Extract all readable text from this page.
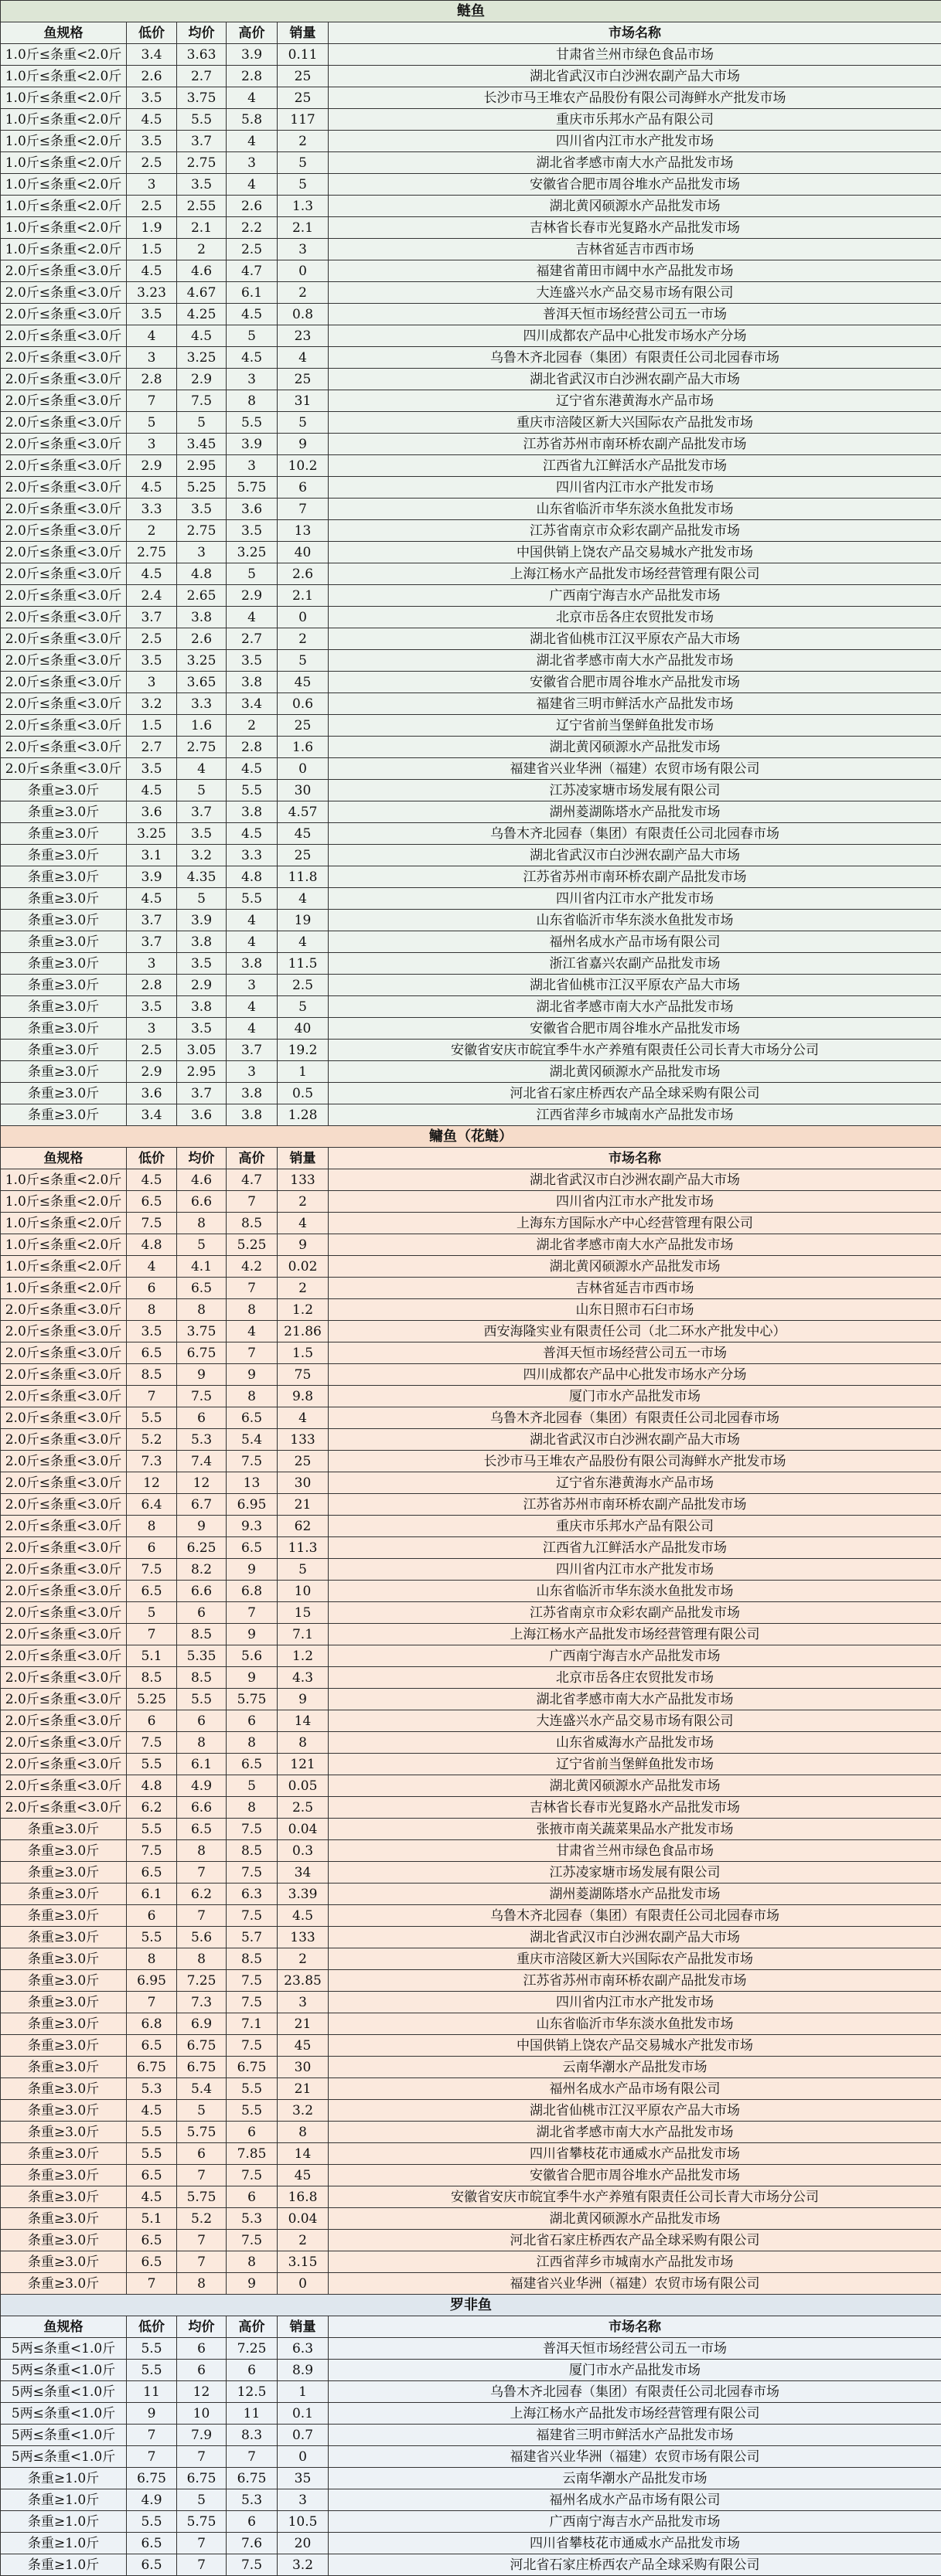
鲢鱼					
鱼规格	低价	均价	高价	销量	市场名称
1.0斤≤条重<2.0斤	3.4	3.63	3.9	0.11	甘肃省兰州市绿色食品市场
1.0斤≤条重<2.0斤	2.6	2.7	2.8	25	湖北省武汉市白沙洲农副产品大市场
1.0斤≤条重<2.0斤	3.5	3.75	4	25	长沙市马王堆农产品股份有限公司海鲜水产批发市场
1.0斤≤条重<2.0斤	4.5	5.5	5.8	117	重庆市乐邦水产品有限公司
1.0斤≤条重<2.0斤	3.5	3.7	4	2	四川省内江市水产批发市场
1.0斤≤条重<2.0斤	2.5	2.75	3	5	湖北省孝感市南大水产品批发市场
1.0斤≤条重<2.0斤	3	3.5	4	5	安徽省合肥市周谷堆水产品批发市场
1.0斤≤条重<2.0斤	2.5	2.55	2.6	1.3	湖北黄冈硕源水产品批发市场
1.0斤≤条重<2.0斤	1.9	2.1	2.2	2.1	吉林省长春市光复路水产品批发市场
1.0斤≤条重<2.0斤	1.5	2	2.5	3	吉林省延吉市西市场
2.0斤≤条重<3.0斤	4.5	4.6	4.7	0	福建省莆田市阔中水产品批发市场
2.0斤≤条重<3.0斤	3.23	4.67	6.1	2	大连盛兴水产品交易市场有限公司
2.0斤≤条重<3.0斤	3.5	4.25	4.5	0.8	普洱天恒市场经营公司五一市场
2.0斤≤条重<3.0斤	4	4.5	5	23	四川成都农产品中心批发市场水产分场
2.0斤≤条重<3.0斤	3	3.25	4.5	4	乌鲁木齐北园春（集团）有限责任公司北园春市场
2.0斤≤条重<3.0斤	2.8	2.9	3	25	湖北省武汉市白沙洲农副产品大市场
2.0斤≤条重<3.0斤	7	7.5	8	31	辽宁省东港黄海水产品市场
2.0斤≤条重<3.0斤	5	5	5.5	5	重庆市涪陵区新大兴国际农产品批发市场
2.0斤≤条重<3.0斤	3	3.45	3.9	9	江苏省苏州市南环桥农副产品批发市场
2.0斤≤条重<3.0斤	2.9	2.95	3	10.2	江西省九江鲜活水产品批发市场
2.0斤≤条重<3.0斤	4.5	5.25	5.75	6	四川省内江市水产批发市场
2.0斤≤条重<3.0斤	3.3	3.5	3.6	7	山东省临沂市华东淡水鱼批发市场
2.0斤≤条重<3.0斤	2	2.75	3.5	13	江苏省南京市众彩农副产品批发市场
2.0斤≤条重<3.0斤	2.75	3	3.25	40	中国供销上饶农产品交易城水产批发市场
2.0斤≤条重<3.0斤	4.5	4.8	5	2.6	上海江杨水产品批发市场经营管理有限公司
2.0斤≤条重<3.0斤	2.4	2.65	2.9	2.1	广西南宁海吉水产品批发市场
2.0斤≤条重<3.0斤	3.7	3.8	4	0	北京市岳各庄农贸批发市场
2.0斤≤条重<3.0斤	2.5	2.6	2.7	2	湖北省仙桃市江汉平原农产品大市场
2.0斤≤条重<3.0斤	3.5	3.25	3.5	5	湖北省孝感市南大水产品批发市场
2.0斤≤条重<3.0斤	3	3.65	3.8	45	安徽省合肥市周谷堆水产品批发市场
2.0斤≤条重<3.0斤	3.2	3.3	3.4	0.6	福建省三明市鲜活水产品批发市场
2.0斤≤条重<3.0斤	1.5	1.6	2	25	辽宁省前当堡鲜鱼批发市场
2.0斤≤条重<3.0斤	2.7	2.75	2.8	1.6	湖北黄冈硕源水产品批发市场
2.0斤≤条重<3.0斤	3.5	4	4.5	0	福建省兴业华洲（福建）农贸市场有限公司
条重≥3.0斤	4.5	5	5.5	30	江苏凌家塘市场发展有限公司
条重≥3.0斤	3.6	3.7	3.8	4.57	湖州菱湖陈塔水产品批发市场
条重≥3.0斤	3.25	3.5	4.5	45	乌鲁木齐北园春（集团）有限责任公司北园春市场
条重≥3.0斤	3.1	3.2	3.3	25	湖北省武汉市白沙洲农副产品大市场
条重≥3.0斤	3.9	4.35	4.8	11.8	江苏省苏州市南环桥农副产品批发市场
条重≥3.0斤	4.5	5	5.5	4	四川省内江市水产批发市场
条重≥3.0斤	3.7	3.9	4	19	山东省临沂市华东淡水鱼批发市场
条重≥3.0斤	3.7	3.8	4	4	福州名成水产品市场有限公司
条重≥3.0斤	3	3.5	3.8	11.5	浙江省嘉兴农副产品批发市场
条重≥3.0斤	2.8	2.9	3	2.5	湖北省仙桃市江汉平原农产品大市场
条重≥3.0斤	3.5	3.8	4	5	湖北省孝感市南大水产品批发市场
条重≥3.0斤	3	3.5	4	40	安徽省合肥市周谷堆水产品批发市场
条重≥3.0斤	2.5	3.05	3.7	19.2	安徽省安庆市皖宜季牛水产养殖有限责任公司长青大市场分公司
条重≥3.0斤	2.9	2.95	3	1	湖北黄冈硕源水产品批发市场
条重≥3.0斤	3.6	3.7	3.8	0.5	河北省石家庄桥西农产品全球采购有限公司
条重≥3.0斤	3.4	3.6	3.8	1.28	江西省萍乡市城南水产品批发市场
鳙鱼（花鲢）					
鱼规格	低价	均价	高价	销量	市场名称
1.0斤≤条重<2.0斤	4.5	4.6	4.7	133	湖北省武汉市白沙洲农副产品大市场
1.0斤≤条重<2.0斤	6.5	6.6	7	2	四川省内江市水产批发市场
1.0斤≤条重<2.0斤	7.5	8	8.5	4	上海东方国际水产中心经营管理有限公司
1.0斤≤条重<2.0斤	4.8	5	5.25	9	湖北省孝感市南大水产品批发市场
1.0斤≤条重<2.0斤	4	4.1	4.2	0.02	湖北黄冈硕源水产品批发市场
1.0斤≤条重<2.0斤	6	6.5	7	2	吉林省延吉市西市场
2.0斤≤条重<3.0斤	8	8	8	1.2	山东日照市石臼市场
2.0斤≤条重<3.0斤	3.5	3.75	4	21.86	西安海隆实业有限责任公司（北二环水产批发中心）
2.0斤≤条重<3.0斤	6.5	6.75	7	1.5	普洱天恒市场经营公司五一市场
2.0斤≤条重<3.0斤	8.5	9	9	75	四川成都农产品中心批发市场水产分场
2.0斤≤条重<3.0斤	7	7.5	8	9.8	厦门市水产品批发市场
2.0斤≤条重<3.0斤	5.5	6	6.5	4	乌鲁木齐北园春（集团）有限责任公司北园春市场
2.0斤≤条重<3.0斤	5.2	5.3	5.4	133	湖北省武汉市白沙洲农副产品大市场
2.0斤≤条重<3.0斤	7.3	7.4	7.5	25	长沙市马王堆农产品股份有限公司海鲜水产批发市场
2.0斤≤条重<3.0斤	12	12	13	30	辽宁省东港黄海水产品市场
2.0斤≤条重<3.0斤	6.4	6.7	6.95	21	江苏省苏州市南环桥农副产品批发市场
2.0斤≤条重<3.0斤	8	9	9.3	62	重庆市乐邦水产品有限公司
2.0斤≤条重<3.0斤	6	6.25	6.5	11.3	江西省九江鲜活水产品批发市场
2.0斤≤条重<3.0斤	7.5	8.2	9	5	四川省内江市水产批发市场
2.0斤≤条重<3.0斤	6.5	6.6	6.8	10	山东省临沂市华东淡水鱼批发市场
2.0斤≤条重<3.0斤	5	6	7	15	江苏省南京市众彩农副产品批发市场
2.0斤≤条重<3.0斤	7	8.5	9	7.1	上海江杨水产品批发市场经营管理有限公司
2.0斤≤条重<3.0斤	5.1	5.35	5.6	1.2	广西南宁海吉水产品批发市场
2.0斤≤条重<3.0斤	8.5	8.5	9	4.3	北京市岳各庄农贸批发市场
2.0斤≤条重<3.0斤	5.25	5.5	5.75	9	湖北省孝感市南大水产品批发市场
2.0斤≤条重<3.0斤	6	6	6	14	大连盛兴水产品交易市场有限公司
2.0斤≤条重<3.0斤	7.5	8	8	8	山东省威海水产品批发市场
2.0斤≤条重<3.0斤	5.5	6.1	6.5	121	辽宁省前当堡鲜鱼批发市场
2.0斤≤条重<3.0斤	4.8	4.9	5	0.05	湖北黄冈硕源水产品批发市场
2.0斤≤条重<3.0斤	6.2	6.6	8	2.5	吉林省长春市光复路水产品批发市场
条重≥3.0斤	5.5	6.5	7.5	0.04	张掖市南关蔬菜果品水产批发市场
条重≥3.0斤	7.5	8	8.5	0.3	甘肃省兰州市绿色食品市场
条重≥3.0斤	6.5	7	7.5	34	江苏凌家塘市场发展有限公司
条重≥3.0斤	6.1	6.2	6.3	3.39	湖州菱湖陈塔水产品批发市场
条重≥3.0斤	6	7	7.5	4.5	乌鲁木齐北园春（集团）有限责任公司北园春市场
条重≥3.0斤	5.5	5.6	5.7	133	湖北省武汉市白沙洲农副产品大市场
条重≥3.0斤	8	8	8.5	2	重庆市涪陵区新大兴国际农产品批发市场
条重≥3.0斤	6.95	7.25	7.5	23.85	江苏省苏州市南环桥农副产品批发市场
条重≥3.0斤	7	7.3	7.5	3	四川省内江市水产批发市场
条重≥3.0斤	6.8	6.9	7.1	21	山东省临沂市华东淡水鱼批发市场
条重≥3.0斤	6.5	6.75	7.5	45	中国供销上饶农产品交易城水产批发市场
条重≥3.0斤	6.75	6.75	6.75	30	云南华潮水产品批发市场
条重≥3.0斤	5.3	5.4	5.5	21	福州名成水产品市场有限公司
条重≥3.0斤	4.5	5	5.5	3.2	湖北省仙桃市江汉平原农产品大市场
条重≥3.0斤	5.5	5.75	6	8	湖北省孝感市南大水产品批发市场
条重≥3.0斤	5.5	6	7.85	14	四川省攀枝花市通威水产品批发市场
条重≥3.0斤	6.5	7	7.5	45	安徽省合肥市周谷堆水产品批发市场
条重≥3.0斤	4.5	5.75	6	16.8	安徽省安庆市皖宜季牛水产养殖有限责任公司长青大市场分公司
条重≥3.0斤	5.1	5.2	5.3	0.04	湖北黄冈硕源水产品批发市场
条重≥3.0斤	6.5	7	7.5	2	河北省石家庄桥西农产品全球采购有限公司
条重≥3.0斤	6.5	7	8	3.15	江西省萍乡市城南水产品批发市场
条重≥3.0斤	7	8	9	0	福建省兴业华洲（福建）农贸市场有限公司
罗非鱼					
鱼规格	低价	均价	高价	销量	市场名称
5两≤条重<1.0斤	5.5	6	7.25	6.3	普洱天恒市场经营公司五一市场
5两≤条重<1.0斤	5.5	6	6	8.9	厦门市水产品批发市场
5两≤条重<1.0斤	11	12	12.5	1	乌鲁木齐北园春（集团）有限责任公司北园春市场
5两≤条重<1.0斤	9	10	11	0.1	上海江杨水产品批发市场经营管理有限公司
5两≤条重<1.0斤	7	7.9	8.3	0.7	福建省三明市鲜活水产品批发市场
5两≤条重<1.0斤	7	7	7	0	福建省兴业华洲（福建）农贸市场有限公司
条重≥1.0斤	6.75	6.75	6.75	35	云南华潮水产品批发市场
条重≥1.0斤	4.9	5	5.3	3	福州名成水产品市场有限公司
条重≥1.0斤	5.5	5.75	6	10.5	广西南宁海吉水产品批发市场
条重≥1.0斤	6.5	7	7.6	20	四川省攀枝花市通威水产品批发市场
条重≥1.0斤	6.5	7	7.5	3.2	河北省石家庄桥西农产品全球采购有限公司
